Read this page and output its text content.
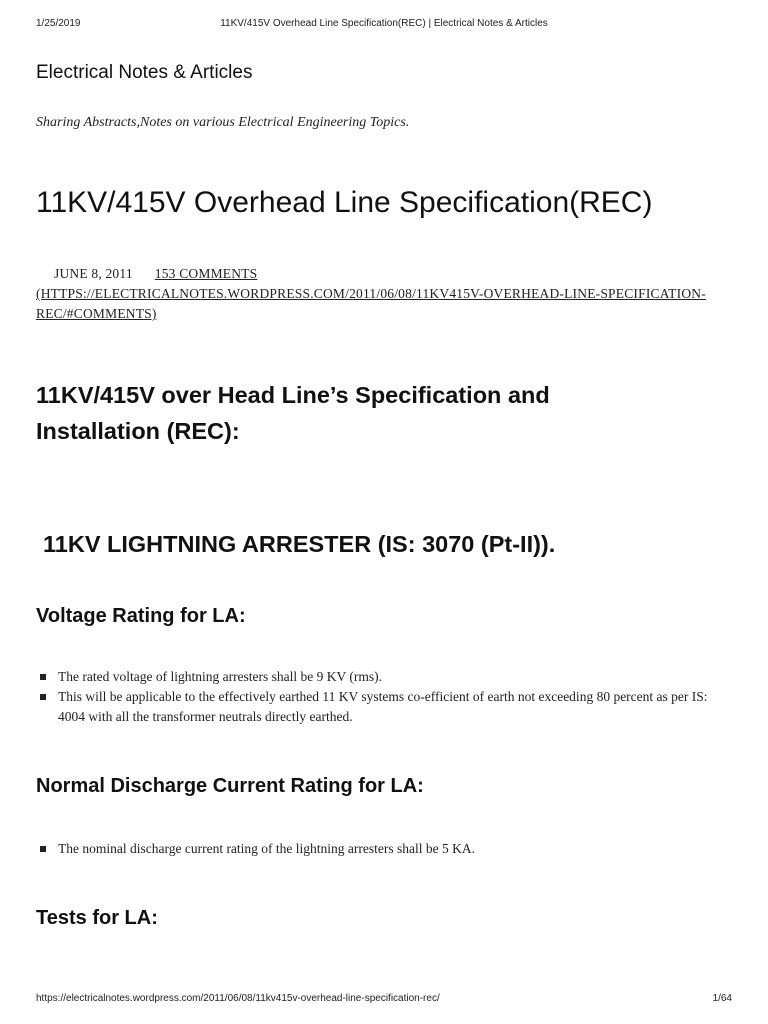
1/25/2019	11KV/415V Overhead Line Specification(REC) | Electrical Notes & Articles
Electrical Notes & Articles
Sharing Abstracts,Notes on various Electrical Engineering Topics.
11KV/415V Overhead Line Specification(REC)
JUNE 8, 2011 153 COMMENTS
(HTTPS://ELECTRICALNOTES.WORDPRESS.COM/2011/06/08/11KV415V-OVERHEAD-LINE-SPECIFICATION-REC/#COMMENTS)
11KV/415V over Head Line’s Specification and Installation (REC):
11KV LIGHTNING ARRESTER (IS: 3070 (Pt-II)).
Voltage Rating for LA:
The rated voltage of lightning arresters shall be 9 KV (rms).
This will be applicable to the effectively earthed 11 KV systems co-efficient of earth not exceeding 80 percent as per IS: 4004 with all the transformer neutrals directly earthed.
Normal Discharge Current Rating for LA:
The nominal discharge current rating of the lightning arresters shall be 5 KA.
Tests for LA:
https://electricalnotes.wordpress.com/2011/06/08/11kv415v-overhead-line-specification-rec/	1/64
